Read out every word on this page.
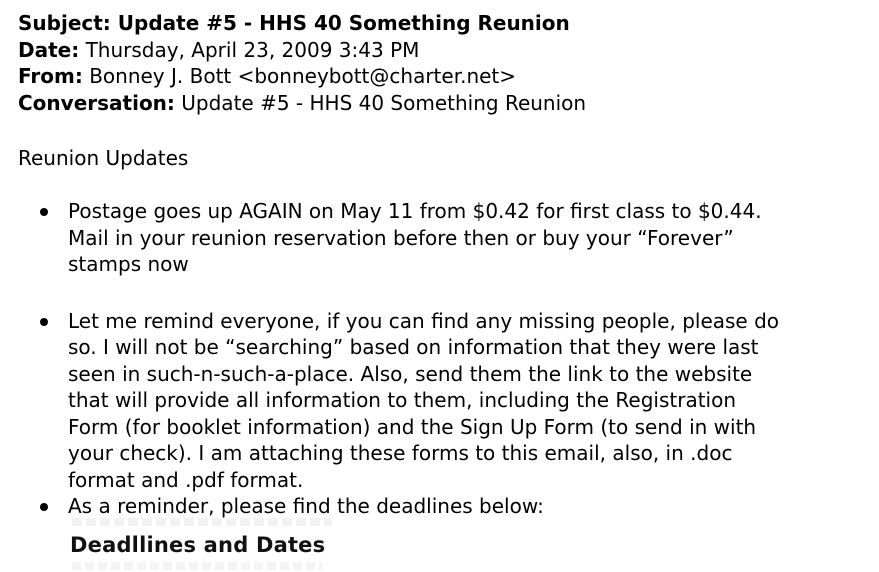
Subject: Update #5 - HHS 40 Something Reunion
Date: Thursday, April 23, 2009 3:43 PM
From: Bonney J. Bott <bonneybott@charter.net>
Conversation: Update #5 - HHS 40 Something Reunion
Reunion Updates
Postage goes up AGAIN on May 11 from $0.42 for first class to $0.44.
Mail in your reunion reservation before then or buy your “Forever”
stamps now
Let me remind everyone, if you can find any missing people, please do
so. I will not be “searching” based on information that they were last
seen in such-n-such-a-place. Also, send them the link to the website
that will provide all information to them, including the Registration
Form (for booklet information) and the Sign Up Form (to send in with
your check). I am attaching these forms to this email, also, in .doc
format and .pdf format.
As a reminder, please find the deadlines below:
Deadllines and Dates
